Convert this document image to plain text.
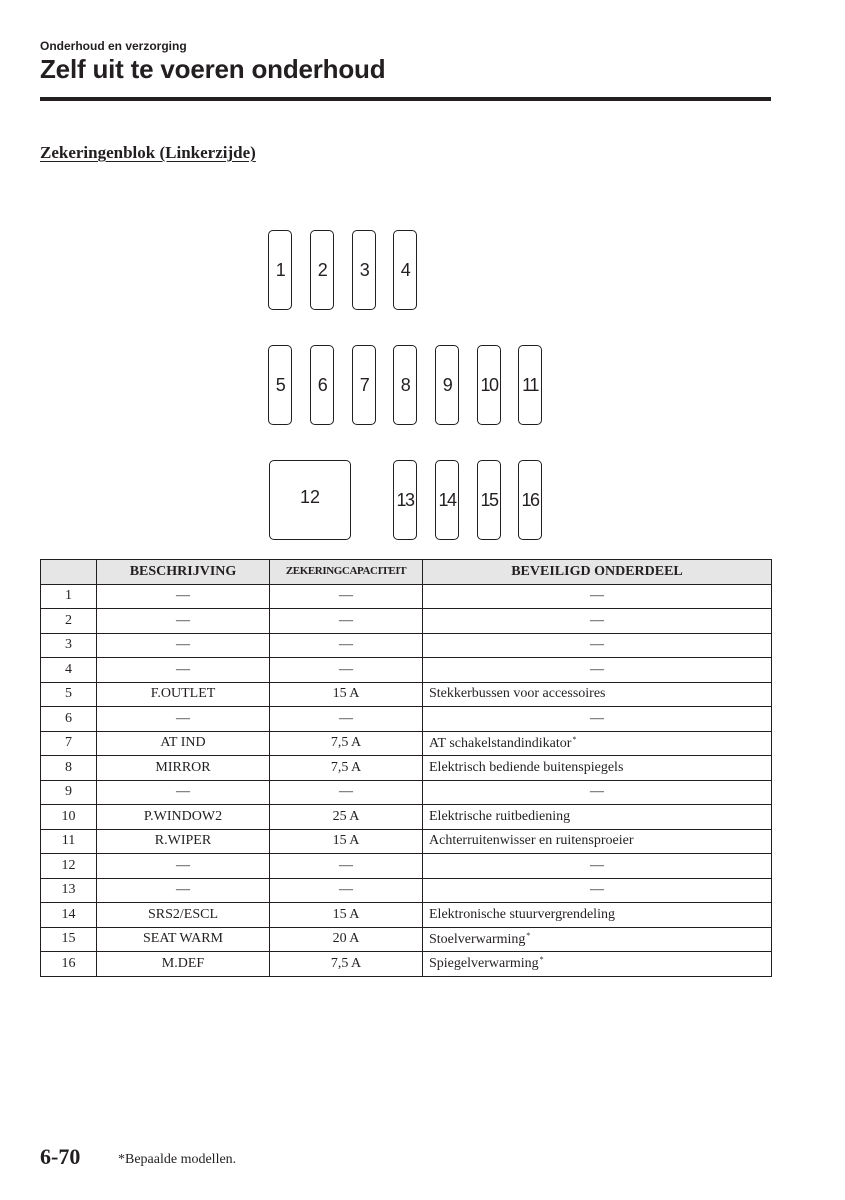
Onderhoud en verzorging
Zelf uit te voeren onderhoud
Zekeringenblok (Linkerzijde)
1	2	3	4
5	6	7	8	9	10 11
12	13 14 15 16
	BESCHRIJVING	ZEKERINGCAPACITEIT	BEVEILIGD ONDERDEEL
1	—	—	—
2	—	—	—
3	—	—	—
4	—	—	—
5	F.OUTLET	15 A	Stekkerbussen voor accessoires
6	—	—	—
7	AT IND	7,5 A	AT schakelstandindikator*
8	MIRROR	7,5 A	Elektrisch bediende buitenspiegels
9	—	—	—
10	P.WINDOW2	25 A	Elektrische ruitbediening
11	R.WIPER	15 A	Achterruitenwisser en ruitensproeier
12	—	—	—
13	—	—	—
14	SRS2/ESCL	15 A	Elektronische stuurvergrendeling
15	SEAT WARM	20 A	Stoelverwarming*
16	M.DEF	7,5 A	Spiegelverwarming*
6-70	*Bepaalde modellen.
